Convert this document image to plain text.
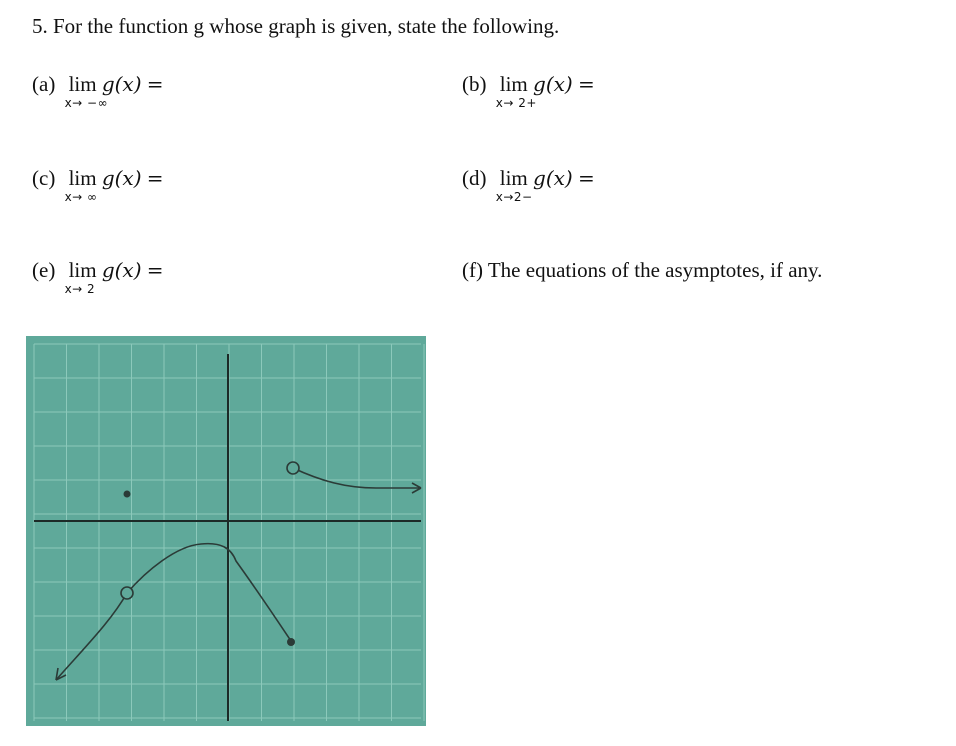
5. For the function g whose graph is given, state the following.
(a) lim
x→ −∞
g(x) =	(b) lim
x→ 2+
g(x) =
(c) lim
x→ ∞
g(x) =	(d) lim
x→2−
g(x) =
(e) lim
x→ 2
g(x) =	(f) The equations of the asymptotes, if any.
